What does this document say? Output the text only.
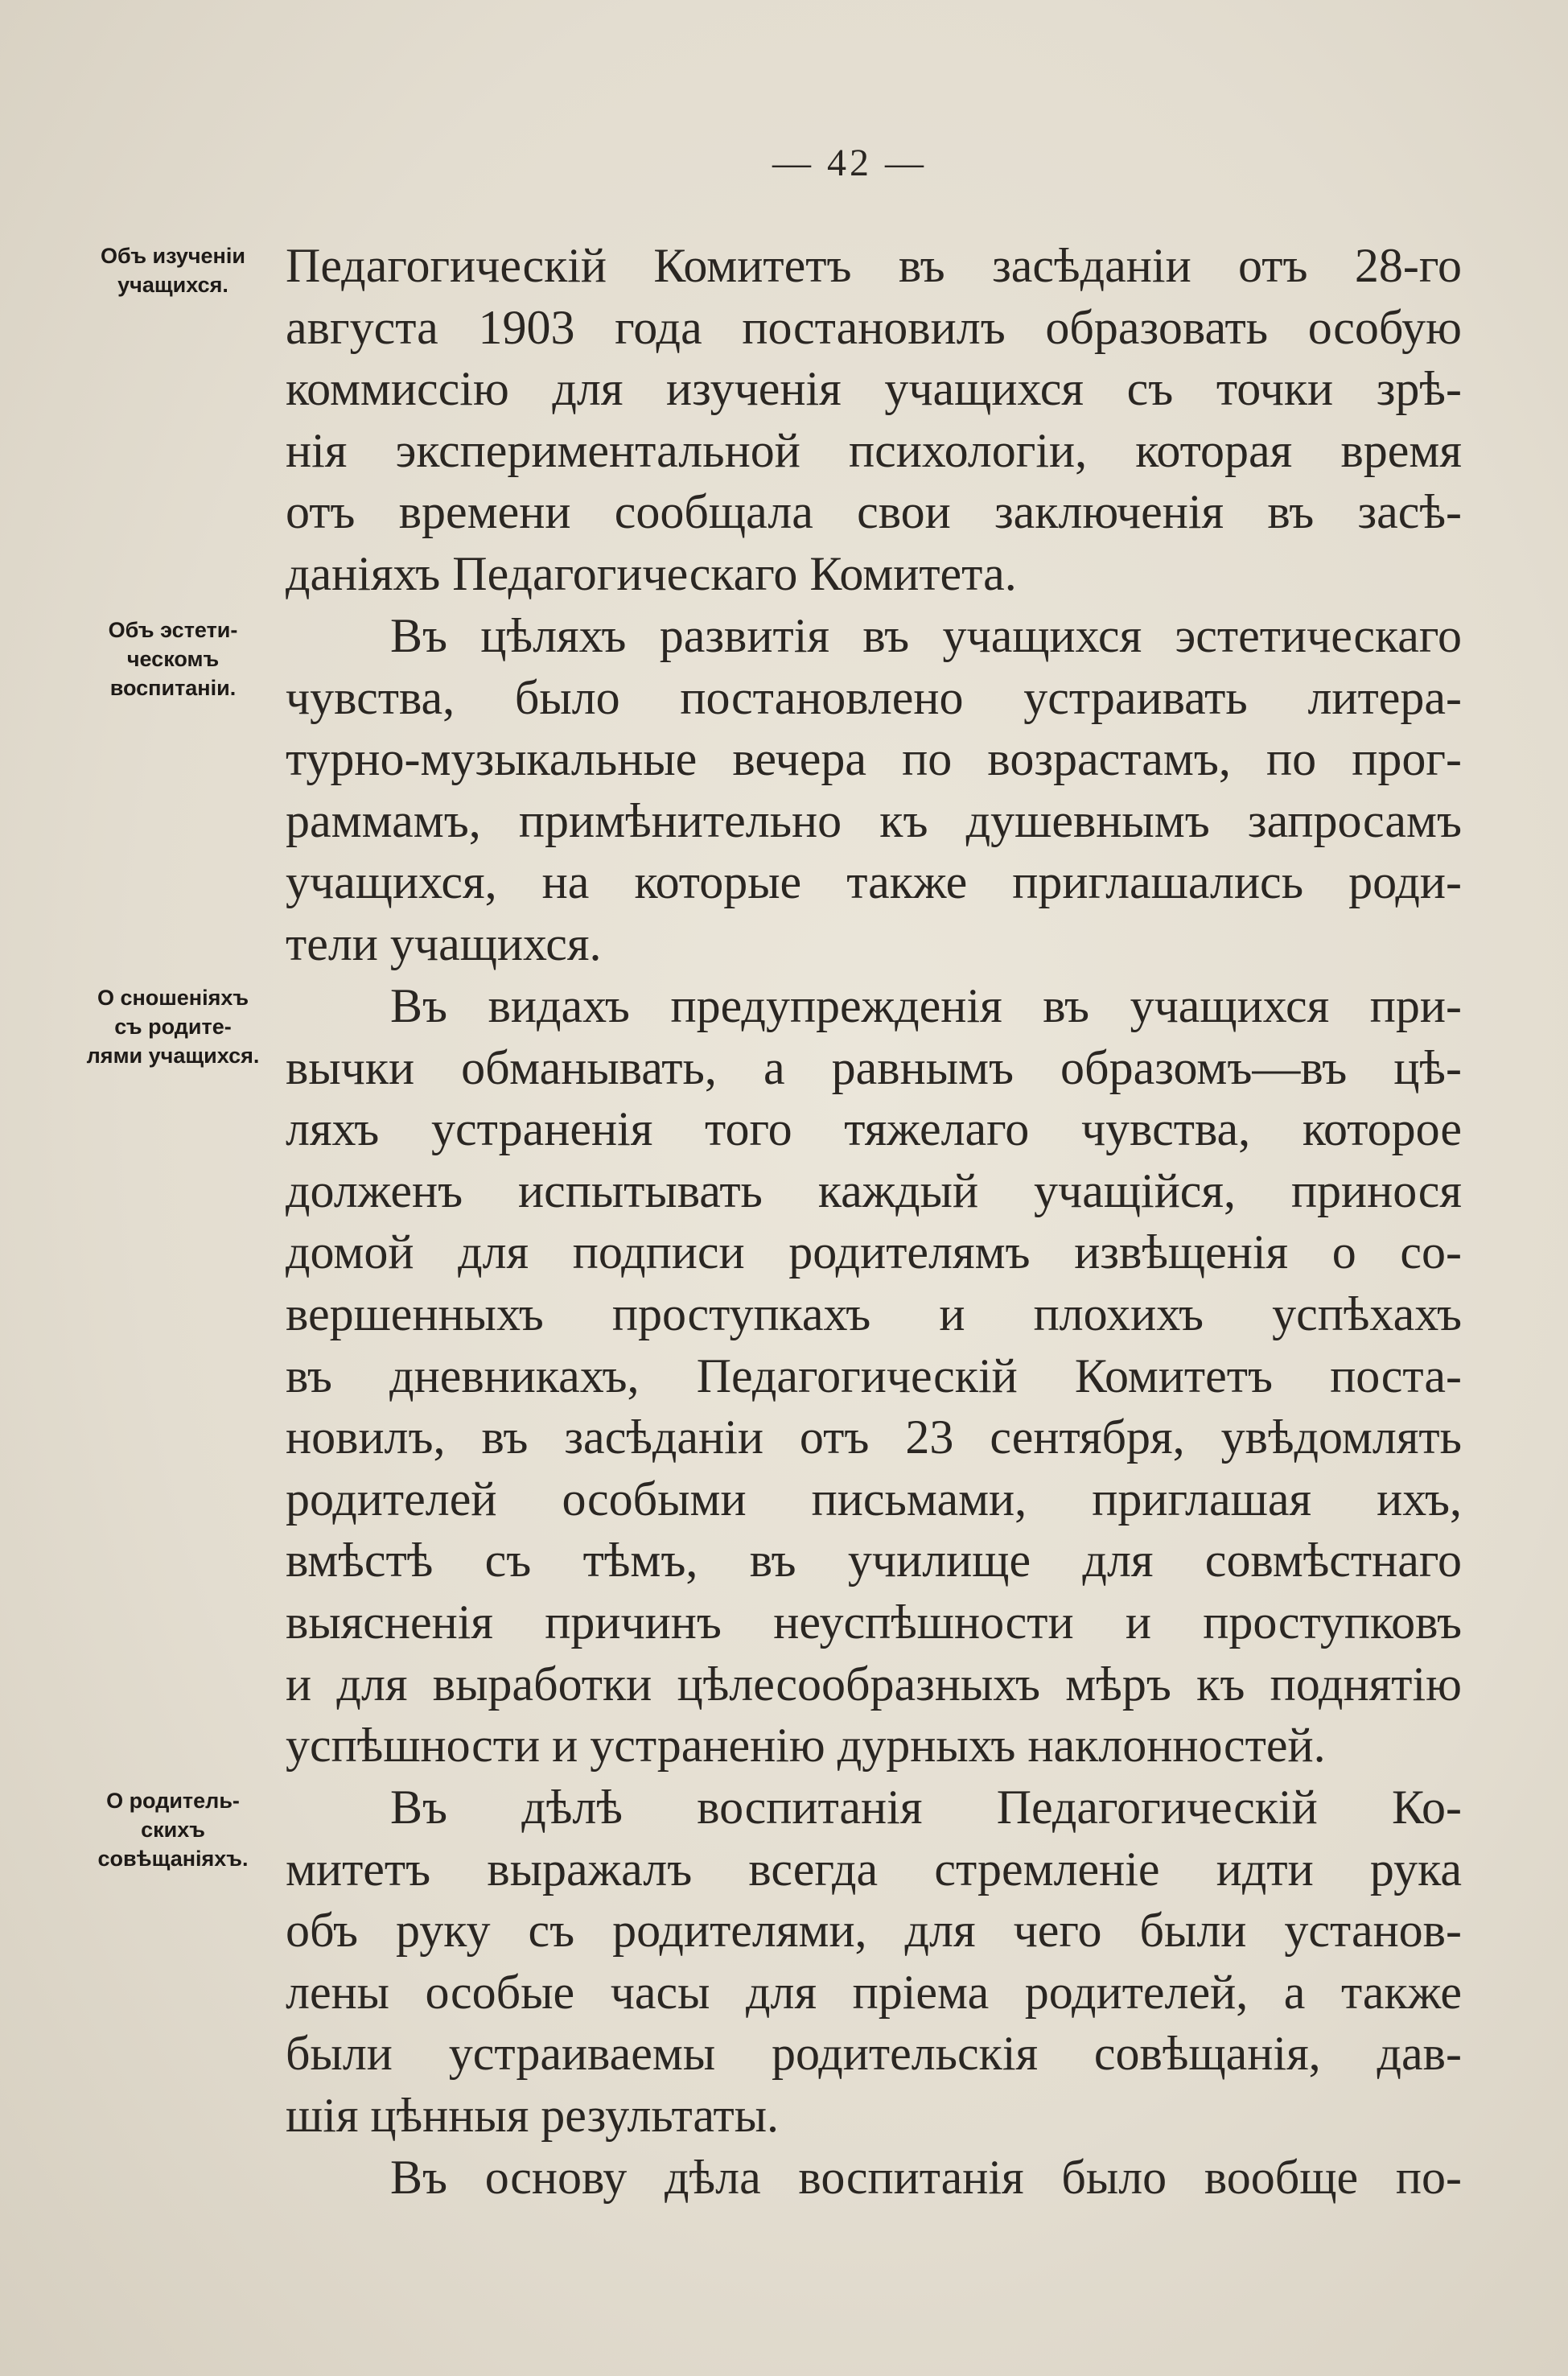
— 42 —
Объ изученіи
учащихся.
Объ эстети-
ческомъ
воспитаніи.
О сношеніяхъ
съ родите-
лями учащихся.
О родитель-
скихъ
совѣщаніяхъ.
Педагогическій Комитетъ въ засѣданіи отъ 28-го
августа 1903 года постановилъ образовать особую
коммиссію для изученія учащихся съ точки зрѣ-
нія экспериментальной психологіи, которая время
отъ времени сообщала свои заключенія въ засѣ-
даніяхъ Педагогическаго Комитета.
Въ цѣляхъ развитія въ учащихся эстетическаго
чувства, было постановлено устраивать литера-
турно-музыкальные вечера по возрастамъ, по прог-
раммамъ, примѣнительно къ душевнымъ запросамъ
учащихся, на которые также приглашались роди-
тели учащихся.
Въ видахъ предупрежденія въ учащихся при-
вычки обманывать, а равнымъ образомъ—въ цѣ-
ляхъ устраненія того тяжелаго чувства, которое
долженъ испытывать каждый учащійся, принося
домой для подписи родителямъ извѣщенія о со-
вершенныхъ проступкахъ и плохихъ успѣхахъ
въ дневникахъ, Педагогическій Комитетъ поста-
новилъ, въ засѣданіи отъ 23 сентября, увѣдомлять
родителей особыми письмами, приглашая ихъ,
вмѣстѣ съ тѣмъ, въ училище для совмѣстнаго
выясненія причинъ неуспѣшности и проступковъ
и для выработки цѣлесообразныхъ мѣръ къ поднятію
успѣшности и устраненію дурныхъ наклонностей.
Въ дѣлѣ воспитанія Педагогическій Ко-
митетъ выражалъ всегда стремленіе идти рука
объ руку съ родителями, для чего были установ-
лены особые часы для пріема родителей, а также
были устраиваемы родительскія совѣщанія, дав-
шія цѣнныя результаты.
Въ основу дѣла воспитанія было вообще по-
